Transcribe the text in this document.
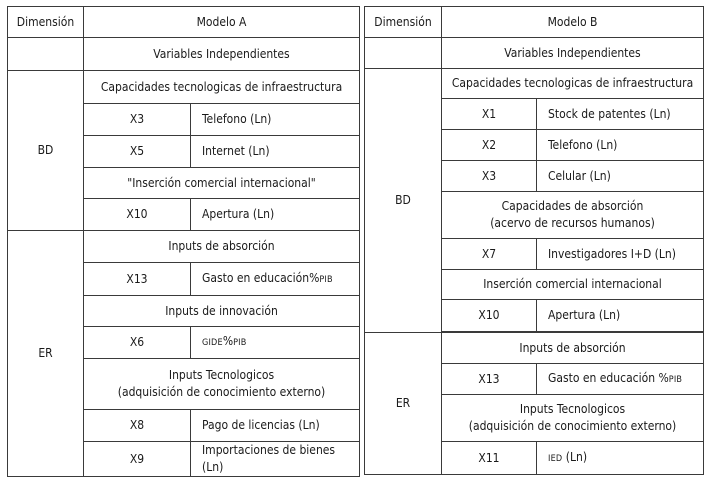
Dimensión	Modelo A	
	Variables Independientes	
BD	Capacidades tecnologicas de infraestructura	
	X3	Telefono (Ln)
	X5	Internet (Ln)
	"Inserción comercial internacional"	
	X10	Apertura (Ln)
ER	Inputs de absorción	
	X13	Gasto en educación%PIB
	Inputs de innovación	
	X6	GIDE%PIB

	Inputs Tecnologicos
(adquisición de conocimiento externo)	

	X8	Pago de licencias (Ln)
	X9	Importaciones de bienes (Ln)
Dimensión	Modelo B	
	Variables Independientes	
BD	Capacidades tecnologicas de infraestructura	
	X1	Stock de patentes (Ln)
	X2	Telefono (Ln)
	X3	Celular (Ln)

	Capacidades de absorción
(acervo de recursos humanos)	

	X7	Investigadores I+D (Ln)
	Inserción comercial internacional	
	X10	Apertura (Ln)

ER	Inputs de absorción	
	X13	Gasto en educación %PIB

	Inputs Tecnologicos
(adquisición de conocimiento externo)	

	X11	IED (Ln)
